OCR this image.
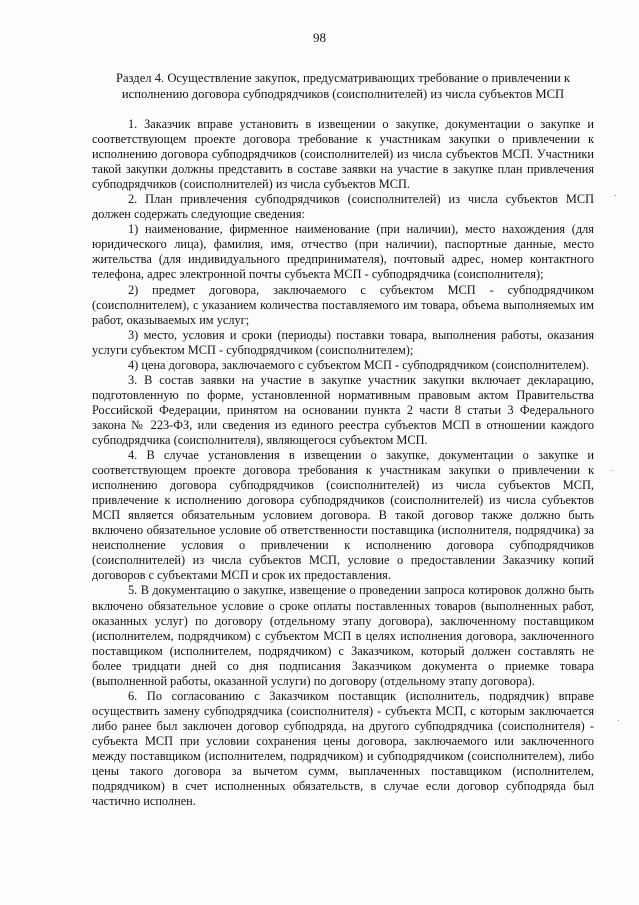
98
Раздел 4. Осуществление закупок, предусматривающих требование о привлечении к исполнению договора субподрядчиков (соисполнителей) из числа субъектов МСП

1. Заказчик вправе установить в извещении о закупке, документации о закупке и соответствующем проекте договора требование к участникам закупки о привлечении к исполнению договора субподрядчиков (соисполнителей) из числа субъектов МСП. Участники такой закупки должны представить в составе заявки на участие в закупке план привлечения субподрядчиков (соисполнителей) из числа субъектов МСП.

2. План привлечения субподрядчиков (соисполнителей) из числа субъектов МСП должен содержать следующие сведения:

1) наименование, фирменное наименование (при наличии), место нахождения (для юридического лица), фамилия, имя, отчество (при наличии), паспортные данные, место жительства (для индивидуального предпринимателя), почтовый адрес, номер контактного телефона, адрес электронной почты субъекта МСП - субподрядчика (соисполнителя);

2) предмет договора, заключаемого с субъектом МСП - субподрядчиком (соисполнителем), с указанием количества поставляемого им товара, объема выполняемых им работ, оказываемых им услуг;

3) место, условия и сроки (периоды) поставки товара, выполнения работы, оказания услуги субъектом МСП - субподрядчиком (соисполнителем);

4) цена договора, заключаемого с субъектом МСП - субподрядчиком (соисполнителем).

3. В состав заявки на участие в закупке участник закупки включает декларацию, подготовленную по форме, установленной нормативным правовым актом Правительства Российской Федерации, принятом на основании пункта 2 части 8 статьи 3 Федерального закона № 223-ФЗ, или сведения из единого реестра субъектов МСП в отношении каждого субподрядчика (соисполнителя), являющегося субъектом МСП.

4. В случае установления в извещении о закупке, документации о закупке и соответствующем проекте договора требования к участникам закупки о привлечении к исполнению договора субподрядчиков (соисполнителей) из числа субъектов МСП, привлечение к исполнению договора субподрядчиков (соисполнителей) из числа субъектов МСП является обязательным условием договора. В такой договор также должно быть включено обязательное условие об ответственности поставщика (исполнителя, подрядчика) за неисполнение условия о привлечении к исполнению договора субподрядчиков (соисполнителей) из числа субъектов МСП, условие о предоставлении Заказчику копий договоров с субъектами МСП и срок их предоставления.

5. В документацию о закупке, извещение о проведении запроса котировок должно быть включено обязательное условие о сроке оплаты поставленных товаров (выполненных работ, оказанных услуг) по договору (отдельному этапу договора), заключенному поставщиком (исполнителем, подрядчиком) с субъектом МСП в целях исполнения договора, заключенного поставщиком (исполнителем, подрядчиком) с Заказчиком, который должен составлять не более тридцати дней со дня подписания Заказчиком документа о приемке товара (выполненной работы, оказанной услуги) по договору (отдельному этапу договора).

6. По согласованию с Заказчиком поставщик (исполнитель, подрядчик) вправе осуществить замену субподрядчика (соисполнителя) - субъекта МСП, с которым заключается либо ранее был заключен договор субподряда, на другого субподрядчика (соисполнителя) - субъекта МСП при условии сохранения цены договора, заключаемого или заключенного между поставщиком (исполнителем, подрядчиком) и субподрядчиком (соисполнителем), либо цены такого договора за вычетом сумм, выплаченных поставщиком (исполнителем, подрядчиком) в счет исполненных обязательств, в случае если договор субподряда был частично исполнен.
